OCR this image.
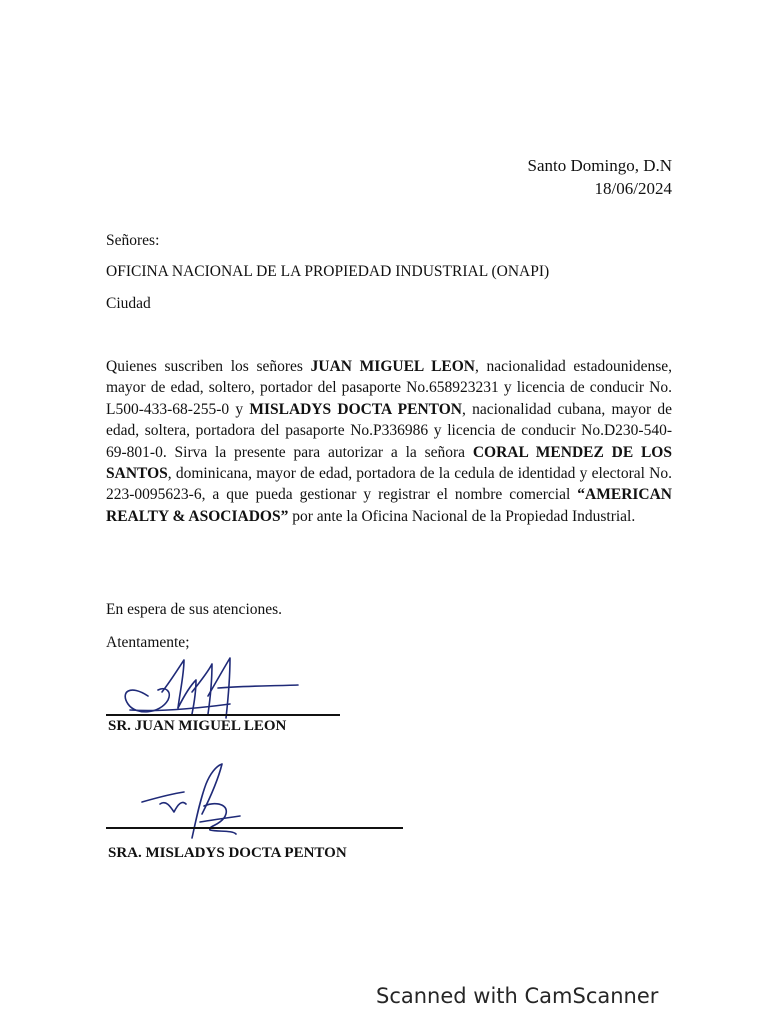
Santo Domingo, D.N
18/06/2024
Señores:
OFICINA NACIONAL DE LA PROPIEDAD INDUSTRIAL (ONAPI)
Ciudad

Quienes suscriben los señores JUAN MIGUEL LEON, nacionalidad estadounidense, mayor de edad, soltero, portador del pasaporte No.658923231 y licencia de conducir No. L500-433-68-255-0 y MISLADYS DOCTA PENTON, nacionalidad cubana, mayor de edad, soltera, portadora del pasaporte No.P336986 y licencia de conducir No.D230-540-69-801-0. Sirva la presente para autorizar a la señora CORAL MENDEZ DE LOS SANTOS, dominicana, mayor de edad, portadora de la cedula de identidad y electoral No. 223-0095623-6, a que pueda gestionar y registrar el nombre comercial “AMERICAN REALTY & ASOCIADOS” por ante la Oficina Nacional de la Propiedad Industrial.

En espera de sus atenciones.
Atentamente;
SR. JUAN MIGUEL LEON
SRA. MISLADYS DOCTA PENTON
Scanned with CamScanner
